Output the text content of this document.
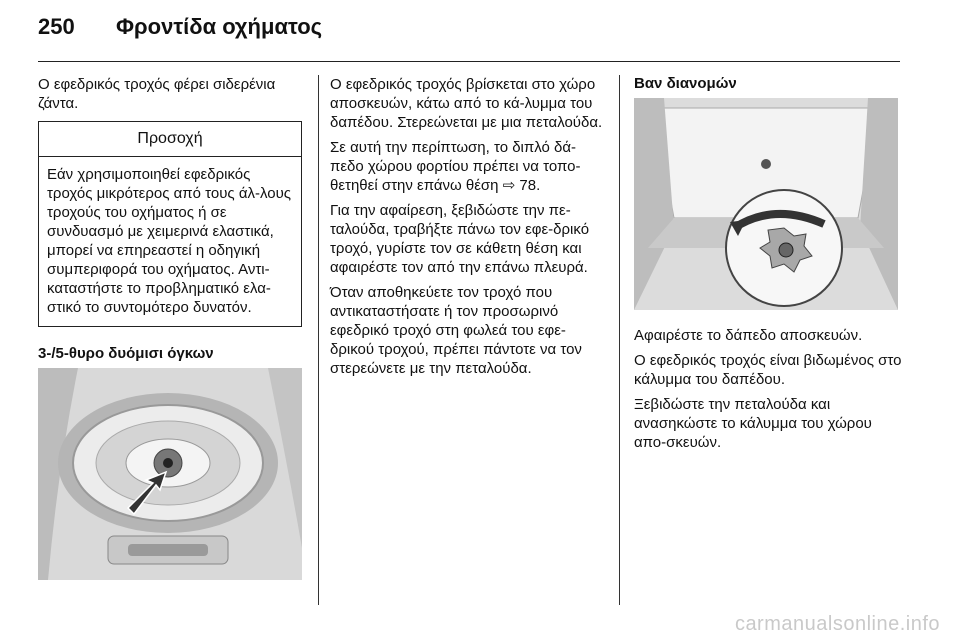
250 Φροντίδα οχήματος

Ο εφεδρικός τροχός φέρει σιδερένια ζάντα.

Προσοχή
Εάν χρησιμοποιηθεί εφεδρικός τροχός μικρότερος από τους άλ-λους τροχούς του οχήματος ή σε συνδυασμό με χειμερινά ελαστικά, μπορεί να επηρεαστεί η οδηγική συμπεριφορά του οχήματος. Αντι-καταστήστε το προβληματικό ελα-στικό το συντομότερο δυνατόν.
3-/5-θυρο δυόμισι όγκων

Ο εφεδρικός τροχός βρίσκεται στο χώρο αποσκευών, κάτω από το κά-λυμμα του δαπέδου. Στερεώνεται με μια πεταλούδα.

Σε αυτή την περίπτωση, το διπλό δά-πεδο χώρου φορτίου πρέπει να τοπο-θετηθεί στην επάνω θέση ⇨ 78.

Για την αφαίρεση, ξεβιδώστε την πε-ταλούδα, τραβήξτε πάνω τον εφε-δρικό τροχό, γυρίστε τον σε κάθετη θέση και αφαιρέστε τον από την επάνω πλευρά.

Όταν αποθηκεύετε τον τροχό που αντικαταστήσατε ή τον προσωρινό εφεδρικό τροχό στη φωλεά του εφε-δρικού τροχού, πρέπει πάντοτε να τον στερεώνετε με την πεταλούδα.

Βαν διανομών

Αφαιρέστε το δάπεδο αποσκευών.

Ο εφεδρικός τροχός είναι βιδωμένος στο κάλυμμα του δαπέδου.

Ξεβιδώστε την πεταλούδα και ανασηκώστε το κάλυμμα του χώρου απο-σκευών.

carmanualsonline.info
